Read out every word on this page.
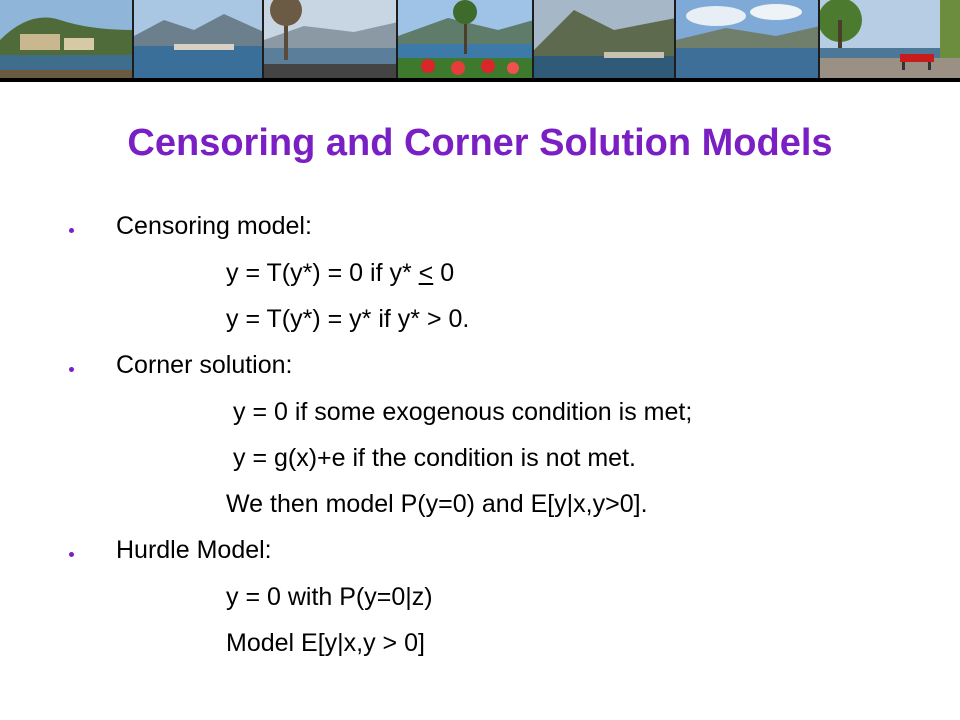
Censoring and Corner Solution Models
Censoring model:
y = T(y*) = 0 if y* ≤ 0
y = T(y*) = y* if y* > 0.
Corner solution:
y = 0 if some exogenous condition is met;
y = g(x)+e if the condition is not met.
We then model P(y=0) and E[y|x,y>0].
Hurdle Model:
y = 0 with P(y=0|z)
Model E[y|x,y > 0]
